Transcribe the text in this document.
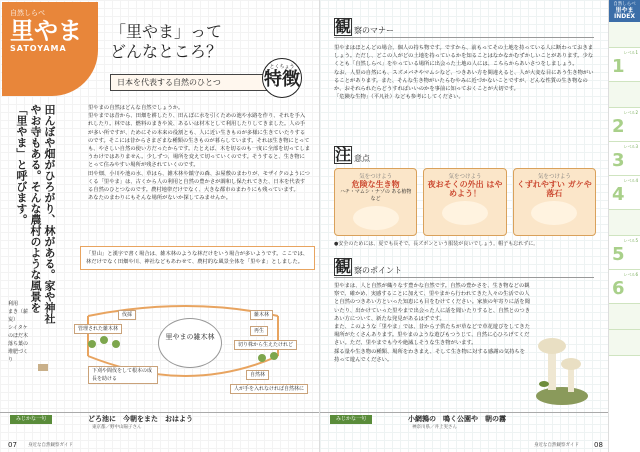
自然しらべ
里やま
SATOYAMA
「里やま」って
どんなところ？
日本を代表する自然のひとつ
とくちょう
特徴
田んぼや畑がひろがり、林がある。家や神社やお寺もある。そんな農村のような風景を「里やま」と呼びます。	里やまの自然はどんな自然でしょうか。

里やまでは昔から、田畑を耕したり、田んぼに水を引くための池や水路を作り、それを手入れしたり。林では、燃料のまきや炭、あるいは材木として利用したりしてきました。人の手が多い所ですが、ためにその本来の役割とも、人に近い生きものが多様に生きていたりするのです。そこには昔からさまざまな種類の生きものが暮らしています。それは生き物にとっても、やさしい自然の使い方だったからです。たとえば、木を切るのも一度に全部を切ってしまうわけではありません。少しずつ、場所を変えて切っていくのです。そうすると、生き物にとって住みやすい場所が残されていくのです。

田や畑、小川や池の水、草はら、雑木林や鎮守の森、お屋敷のまわりが、モザイクのようにつくる「里やま」は、古くから人の利用と自然の豊かさが調和し保たれてきた、日本を代表する自然のひとつなのです。農村地帯だけでなく、大きな都市のまわりにも残っています。

あなたのまわりにもそんな場所がないか探してみませんか。

「里山」と漢字で書く場合は、雑木林のような林だけをいう場合が多いようです。ここでは、林だけでなく田畑や川、神社などもあわせて、農村的な風景全体を「里やま」としました。
利用
まき（薪炭）
シイタケのほだ木
落ち葉の堆肥づくり
伐採
管理された雑木林
下刈や間伐をして根本の成長を助ける
雑木林
再生
切り株から生えたけれど
自然林
人が手を入れなければ自然林に
里やまの雑木林
みじかな一句	どろ池に　今朝をまた　おはよう
東京都／野中山陽子さん
07 身近な自然観察ガイド
観 察のマナー

里やまはほとんどの場合、個人の持ち物です。ですから、前もってその土地を持っている人に断わっておきましょう。ただし、どこの人がどの土地を持っているかを知ることはなかなかむずかしいことがあります。少なくとも「自然しらべ」をやっている場所に出会った土地の人には、こちらからあいさつをしましょう。

なお、人里の自然にも、スズメバチやマムシなど、つきあい方を間違えると、人が大変な目にあう生き物がいることがあります。また、そんな生き物がいたらむやみに近づかないことですが、どんな性質の生き物なのか、おそれられたらどうすればいいのかを事前に知っておくことが大切です。

「危険な生物」（平凡社）なども参考にしてください。

注 意点
気をつけよう
危険な生き物
ハチ・マムシ・ナゾの ある植物など
気をつけよう
夜おそくの外出 はやめよう！
気をつけよう
くずれやすい ガケや落石
●安全のためには、夏でも長そで、長ズボンという服装が良いでしょう。帽子も忘れずに。
観 察のポイント

里やまは、人と自然が織りなす豊かな自然です。自然の豊かさを、生き物などの観察で、確かめ、実感することに加えて、里やまから行われてきた人々の生活での人と自然のつきあい方といった知恵にも目をむけてください。家族の年寄りに話を聞いたり、出かけていった里やまで出会った人に話を聞いたりすると、自然とのつきあい方について、新たな発見があるはずです。

また、このような「里やま」では、昔から子供たちが草などで草花遊びをしてきた場所がたくさんあります。里やまのような遊びもつうじて、自然に心ひろげてください。ただ、里やまでも今や絶滅しそうな生き物がいます。

採る量や生き物の種類、場所をわきまえ、そして生き物に対する感謝の気持ちを持って遊んでください。

みじかな一句	小網鶉の　鳴く公園や　朝の霧
神奈川県／井上実さん
身近な自然観察ガイド 08
自然しらべ
里やま
INDEX
レベル1
1
レベル2
2
レベル3
3
レベル4
4
レベル5
5
レベル6
6
